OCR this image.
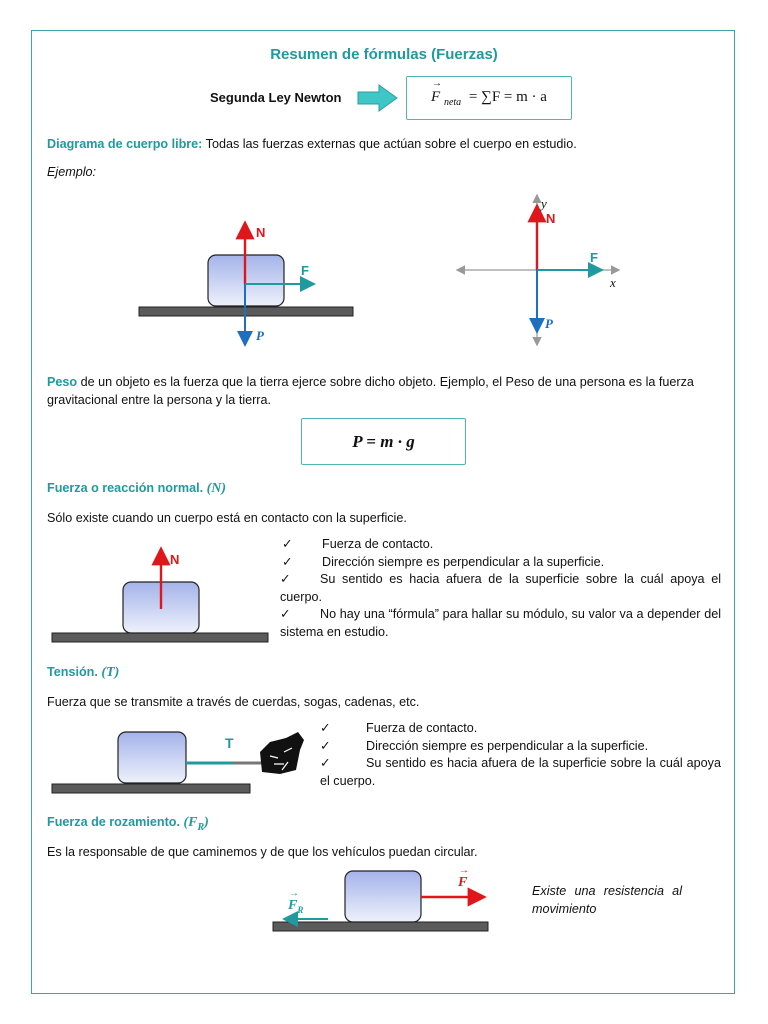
Resumen de fórmulas (Fuerzas)
Segunda Ley Newton
→
F $_{neta}$ = ∑F = m · a
Diagrama de cuerpo libre: Todas las fuerzas externas que actúan sobre el cuerpo en estudio.
Ejemplo:
N
F
P
y
N
F
x
P
Peso de un objeto es la fuerza que la tierra ejerce sobre dicho objeto. Ejemplo, el Peso de una persona es la fuerza gravitacional entre la persona y la tierra.
P = m · g
Fuerza o reacción normal. (N)
Sólo existe cuando un cuerpo está en contacto con la superficie.
N
✓	Fuerza de contacto.
✓	Dirección siempre es perpendicular a la superficie.
✓ Su sentido es hacia afuera de la superficie sobre la cuál apoya el cuerpo.
✓ No hay una “fórmula” para hallar su módulo, su valor va a depender del sistema en estudio.
Tensión. (T)
Fuerza que se transmite a través de cuerdas, sogas, cadenas, etc.
T
✓	Fuerza de contacto.
✓	Dirección siempre es perpendicular a la superficie.
✓	Su sentido es hacia afuera de la superficie sobre la cuál apoya el cuerpo.
Fuerza de rozamiento. $(F_R)$
Es la responsable de que caminemos y de que los vehículos puedan circular.
→
F
→
$F_R$
Existe una resistencia al movimiento
